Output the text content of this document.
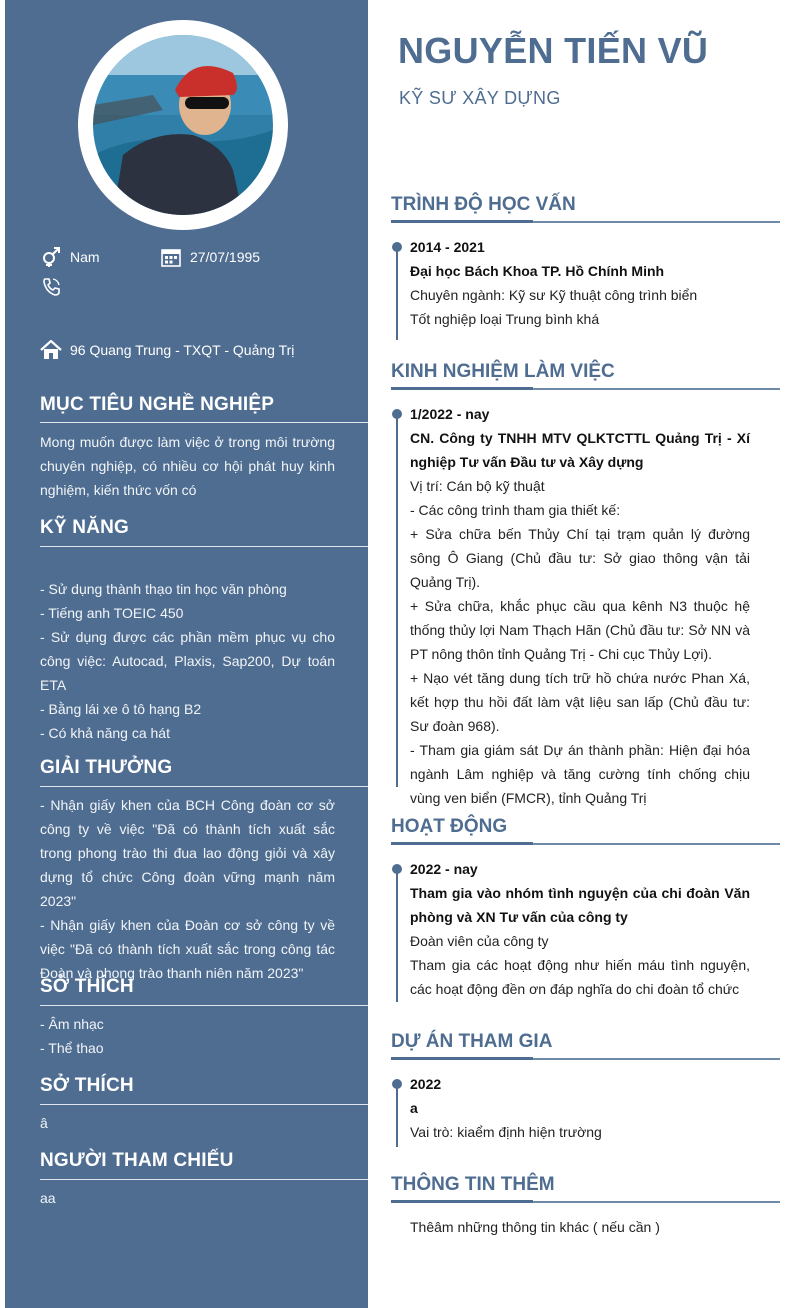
Nam	27/07/1995
96 Quang Trung - TXQT - Quảng Trị
MỤC TIÊU NGHỀ NGHIỆP
Mong muốn được làm việc ở trong môi trường chuyên nghiệp, có nhiều cơ hội phát huy kinh nghiệm, kiến thức vốn có
KỸ NĂNG

- Sử dụng thành thạo tin học văn phòng

- Tiếng anh TOEIC 450

- Sử dụng được các phần mềm phục vụ cho công việc: Autocad, Plaxis, Sap200, Dự toán ETA

- Bằng lái xe ô tô hạng B2

- Có khả năng ca hát

GIẢI THƯỞNG

- Nhận giấy khen của BCH Công đoàn cơ sở công ty về việc "Đã có thành tích xuất sắc trong phong trào thi đua lao động giỏi và xây dựng tổ chức Công đoàn vững mạnh năm 2023"

- Nhận giấy khen của Đoàn cơ sở công ty về việc "Đã có thành tích xuất sắc trong công tác Đoàn và phong trào thanh niên năm 2023"

SỞ THÍCH

- Âm nhạc

- Thể thao

SỞ THÍCH
â
NGƯỜI THAM CHIẾU
aa
NGUYỄN TIẾN VŨ
KỸ SƯ XÂY DỰNG
TRÌNH ĐỘ HỌC VẤN

2014 - 2021

Đại học Bách Khoa TP. Hồ Chính Minh

Chuyên ngành: Kỹ sư Kỹ thuật công trình biển

Tốt nghiệp loại Trung bình khá

KINH NGHIỆM LÀM VIỆC

1/2022 - nay

CN. Công ty TNHH MTV QLKTCTTL Quảng Trị - Xí nghiệp Tư vấn Đầu tư và Xây dựng

Vị trí: Cán bộ kỹ thuật

- Các công trình tham gia thiết kế:

+ Sửa chữa bến Thủy Chí tại trạm quản lý đường sông Ô Giang (Chủ đầu tư: Sở giao thông vận tải Quảng Trị).

+ Sửa chữa, khắc phục cầu qua kênh N3 thuộc hệ thống thủy lợi Nam Thạch Hãn (Chủ đầu tư: Sở NN và PT nông thôn tỉnh Quảng Trị - Chi cục Thủy Lợi).

+ Nạo vét tăng dung tích trữ hồ chứa nước Phan Xá, kết hợp thu hồi đất làm vật liệu san lấp (Chủ đầu tư: Sư đoàn 968).

- Tham gia giám sát Dự án thành phần: Hiện đại hóa ngành Lâm nghiệp và tăng cường tính chống chịu vùng ven biển (FMCR), tỉnh Quảng Trị

HOẠT ĐỘNG

2022 - nay

Tham gia vào nhóm tình nguyện của chi đoàn Văn phòng và XN Tư vấn của công ty

Đoàn viên của công ty

Tham gia các hoạt động như hiến máu tình nguyện, các hoạt động đền ơn đáp nghĩa do chi đoàn tổ chức

DỰ ÁN THAM GIA

2022

a

Vai trò: kiaểm định hiện trường

THÔNG TIN THÊM
Thêâm những thông tin khác ( nếu cần )
